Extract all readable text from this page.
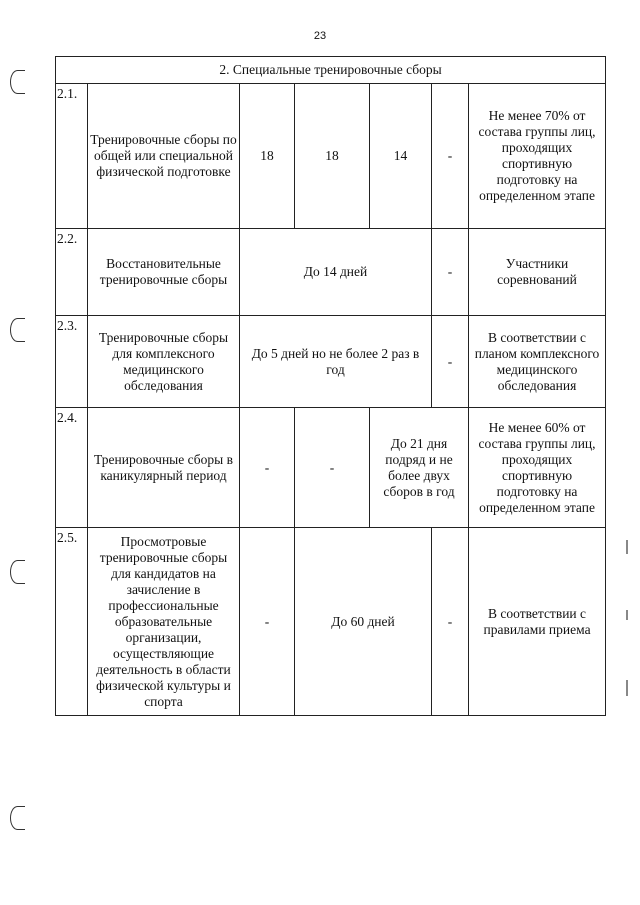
23
2. Специальные тренировочные сборы						
2.1.	Тренировочные сборы по общей или специальной физической подготовке	18	18	14	-	Не менее 70% от состава группы лиц, проходящих спортивную подготовку на определенном этапе
2.2.	Восстановительные тренировочные сборы	До 14 дней			-	Участники соревнований
2.3.	Тренировочные сборы для комплексного медицинского обследования	До 5 дней но не более 2 раз в год			-	В соответствии с планом комплексного медицинского обследования
2.4.	Тренировочные сборы в каникулярный период	-	-	До 21 дня подряд и не более двух сборов в год		Не менее 60% от состава группы лиц, проходящих спортивную подготовку на определенном этапе
2.5.	Просмотровые тренировочные сборы для кандидатов на зачисление в профессиональные образовательные организации, осуществляющие деятельность в области физической культуры и спорта	-	До 60 дней		-	В соответствии с правилами приема
